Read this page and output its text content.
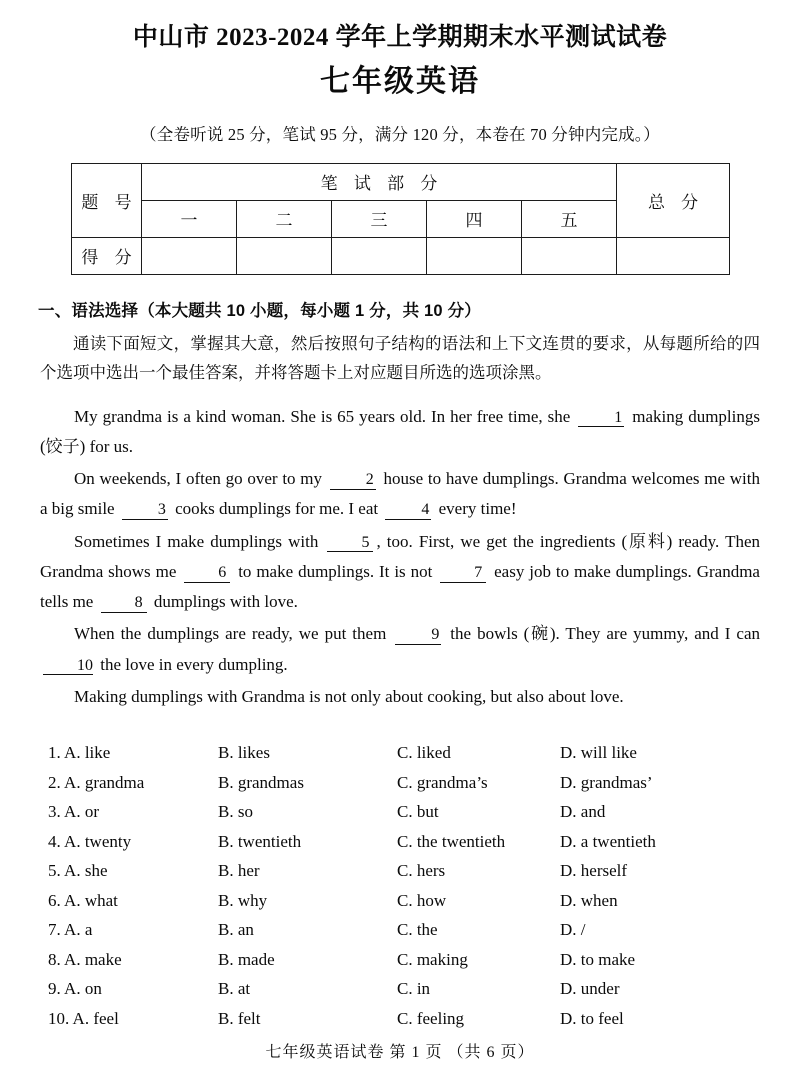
中山市 2023-2024 学年上学期期末水平测试试卷
七年级英语
（全卷听说 25 分，笔试 95 分，满分 120 分，本卷在 70 分钟内完成。）
题 号	笔 试 部 分					总 分
	一	二	三	四	五	
得 分						
一、语法选择（本大题共 10 小题，每小题 1 分，共 10 分）
通读下面短文，掌握其大意，然后按照句子结构的语法和上下文连贯的要求，从每题所给的四个选项中选出一个最佳答案，并将答题卡上对应题目所选的选项涂黑。

My grandma is a kind woman. She is 65 years old. In her free time, she 1 making dumplings (饺子) for us.

On weekends, I often go over to my 2 house to have dumplings. Grandma welcomes me with a big smile 3 cooks dumplings for me. I eat 4 every time!

Sometimes I make dumplings with 5 , too. First, we get the ingredients (原料) ready. Then Grandma shows me 6 to make dumplings. It is not 7 easy job to make dumplings. Grandma tells me 8 dumplings with love.

When the dumplings are ready, we put them 9 the bowls (碗). They are yummy, and I can 10 the love in every dumpling.

Making dumplings with Grandma is not only about cooking, but also about love.

1. A. like	B. likes	C. liked	D. will like
2. A. grandma	B. grandmas	C. grandma’s	D. grandmas’
3. A. or	B. so	C. but	D. and
4. A. twenty	B. twentieth	C. the twentieth	D. a twentieth
5. A. she	B. her	C. hers	D. herself
6. A. what	B. why	C. how	D. when
7. A. a	B. an	C. the	D. /
8. A. make	B. made	C. making	D. to make
9. A. on	B. at	C. in	D. under
10. A. feel	B. felt	C. feeling	D. to feel
七年级英语试卷 第 1 页 （共 6 页）
